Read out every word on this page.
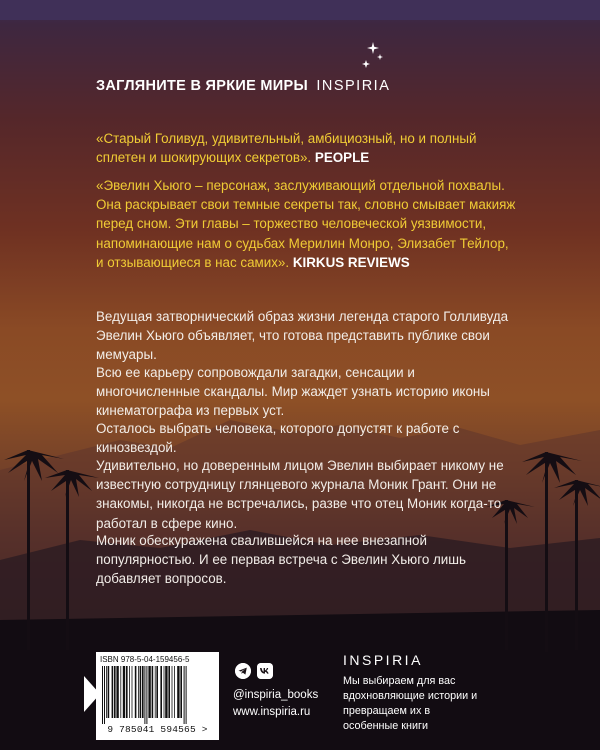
ЗАГЛЯНИТЕ В ЯРКИЕ МИРЫ INSPIRIA
«Старый Голивуд, удивительный, амбициозный, но и полный сплетен и шокирующих секретов». PEOPLE
«Эвелин Хьюго – персонаж, заслуживающий отдельной похвалы. Она раскрывает свои темные секреты так, словно смывает макияж перед сном. Эти главы – торжество человеческой уязвимости, напоминающие нам о судьбах Мерилин Монро, Элизабет Тейлор, и отзывающиеся в нас самих». KIRKUS REVIEWS
Ведущая затворнический образ жизни легенда старого Голливуда Эвелин Хьюго объявляет, что готова представить публике свои мемуары.
Всю ее карьеру сопровождали загадки, сенсации и многочисленные скандалы. Мир жаждет узнать историю иконы кинематографа из первых уст.
Осталось выбрать человека, которого допустят к работе с кинозвездой.
Удивительно, но доверенным лицом Эвелин выбирает никому не известную сотрудницу глянцевого журнала Моник Грант. Они не знакомы, никогда не встречались, разве что отец Моник когда-то работал в сфере кино.
Моник обескуражена свалившейся на нее внезапной популярностью. И ее первая встреча с Эвелин Хьюго лишь добавляет вопросов.
ISBN 978-5-04-159456-5
9 785041 594565 >
@inspiria_books
www.inspiria.ru
INSPIRIA
Мы выбираем для вас вдохновляющие истории и превращаем их в особенные книги
